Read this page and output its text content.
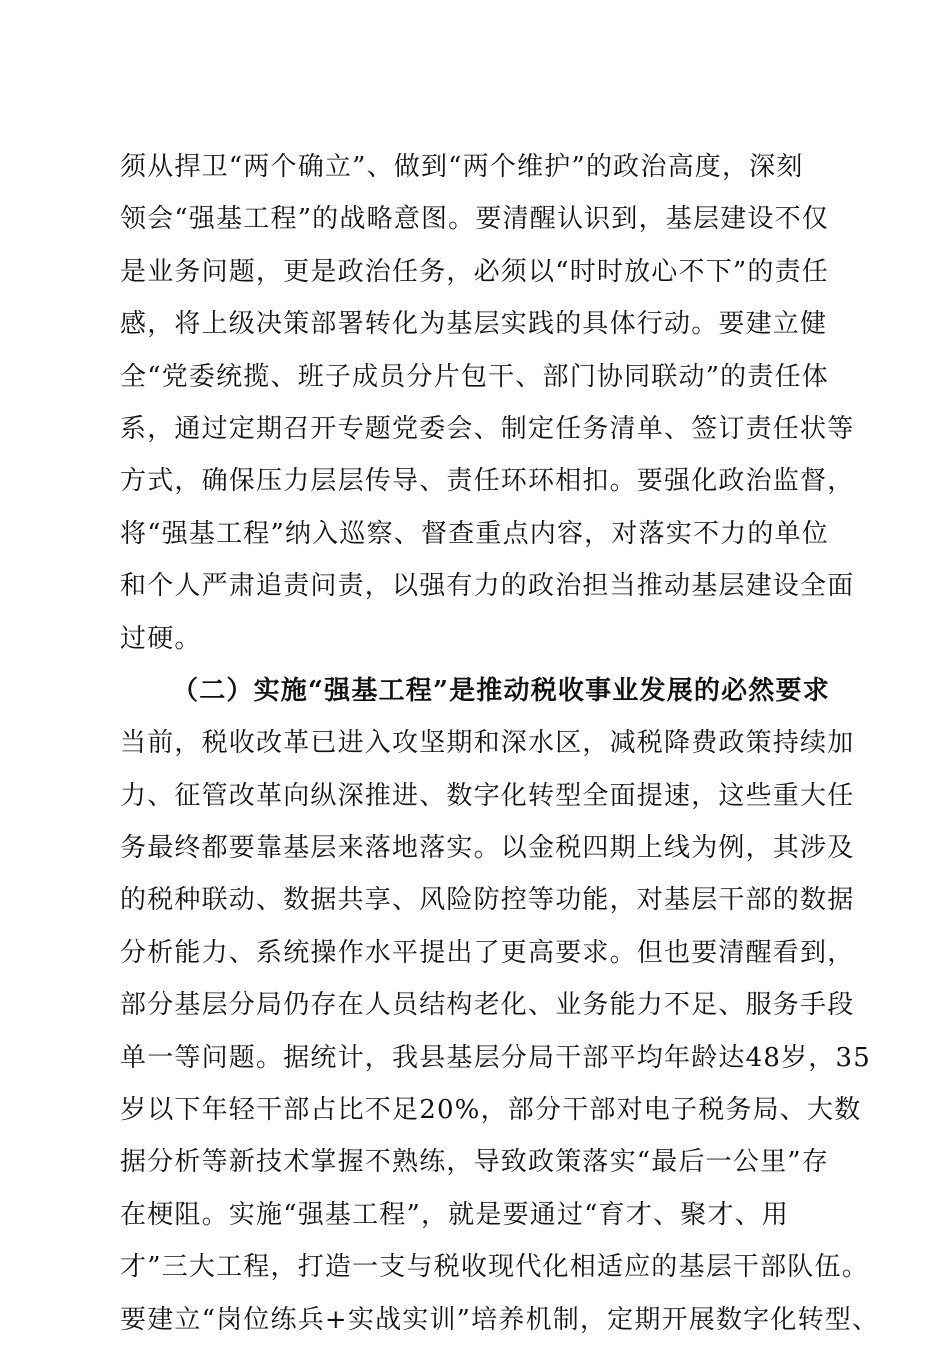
须从捍卫“两个确立”、做到“两个维护”的政治高度，深刻
领会“强基工程”的战略意图。要清醒认识到，基层建设不仅
是业务问题，更是政治任务，必须以“时时放心不下”的责任
感，将上级决策部署转化为基层实践的具体行动。要建立健
全“党委统揽、班子成员分片包干、部门协同联动”的责任体
系，通过定期召开专题党委会、制定任务清单、签订责任状等
方式，确保压力层层传导、责任环环相扣。要强化政治监督，
将“强基工程”纳入巡察、督查重点内容，对落实不力的单位
和个人严肃追责问责，以强有力的政治担当推动基层建设全面
过硬。
（二）实施“强基工程”是推动税收事业发展的必然要求
当前，税收改革已进入攻坚期和深水区，减税降费政策持续加
力、征管改革向纵深推进、数字化转型全面提速，这些重大任
务最终都要靠基层来落地落实。以金税四期上线为例，其涉及
的税种联动、数据共享、风险防控等功能，对基层干部的数据
分析能力、系统操作水平提出了更高要求。但也要清醒看到，
部分基层分局仍存在人员结构老化、业务能力不足、服务手段
单一等问题。据统计，我县基层分局干部平均年龄达48岁，35
岁以下年轻干部占比不足20%，部分干部对电子税务局、大数
据分析等新技术掌握不熟练，导致政策落实“最后一公里”存
在梗阻。实施“强基工程”，就是要通过“育才、聚才、用
才”三大工程，打造一支与税收现代化相适应的基层干部队伍。
要建立“岗位练兵+实战实训”培养机制，定期开展数字化转型、
